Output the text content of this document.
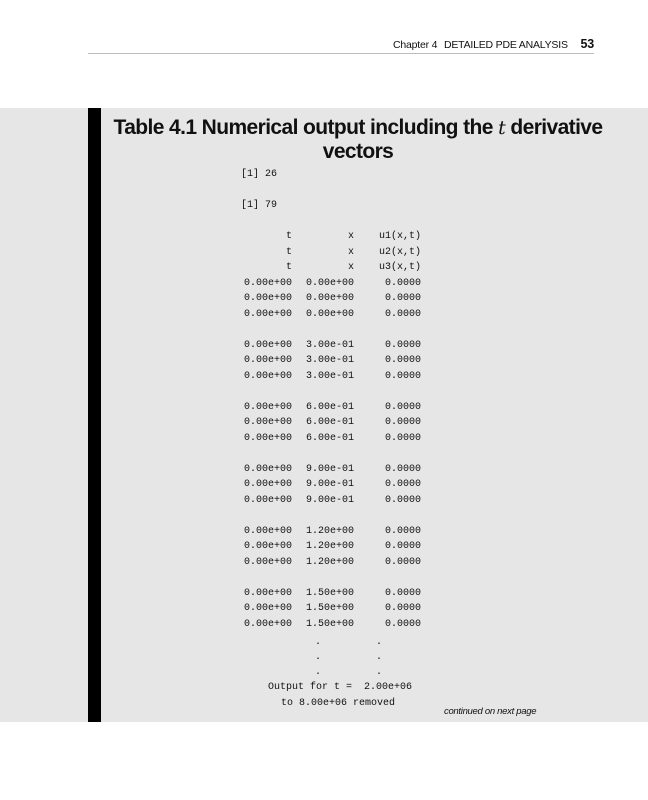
Chapter 4 DETAILED PDE ANALYSIS 53
Table 4.1 Numerical output including the t derivative
vectors
[1] 26
[1] 79
t	x	u1(x,t)
t	x	u2(x,t)
t	x	u3(x,t)
0.00e+00	0.00e+00	0.0000
0.00e+00	0.00e+00	0.0000
0.00e+00	0.00e+00	0.0000
0.00e+00	3.00e-01	0.0000
0.00e+00	3.00e-01	0.0000
0.00e+00	3.00e-01	0.0000
0.00e+00	6.00e-01	0.0000
0.00e+00	6.00e-01	0.0000
0.00e+00	6.00e-01	0.0000
0.00e+00	9.00e-01	0.0000
0.00e+00	9.00e-01	0.0000
0.00e+00	9.00e-01	0.0000
0.00e+00	1.20e+00	0.0000
0.00e+00	1.20e+00	0.0000
0.00e+00	1.20e+00	0.0000
0.00e+00	1.50e+00	0.0000
0.00e+00	1.50e+00	0.0000
0.00e+00	1.50e+00	0.0000
.	.
.	.
.	.
Output for t =  2.00e+06
to 8.00e+06 removed
continued on next page
